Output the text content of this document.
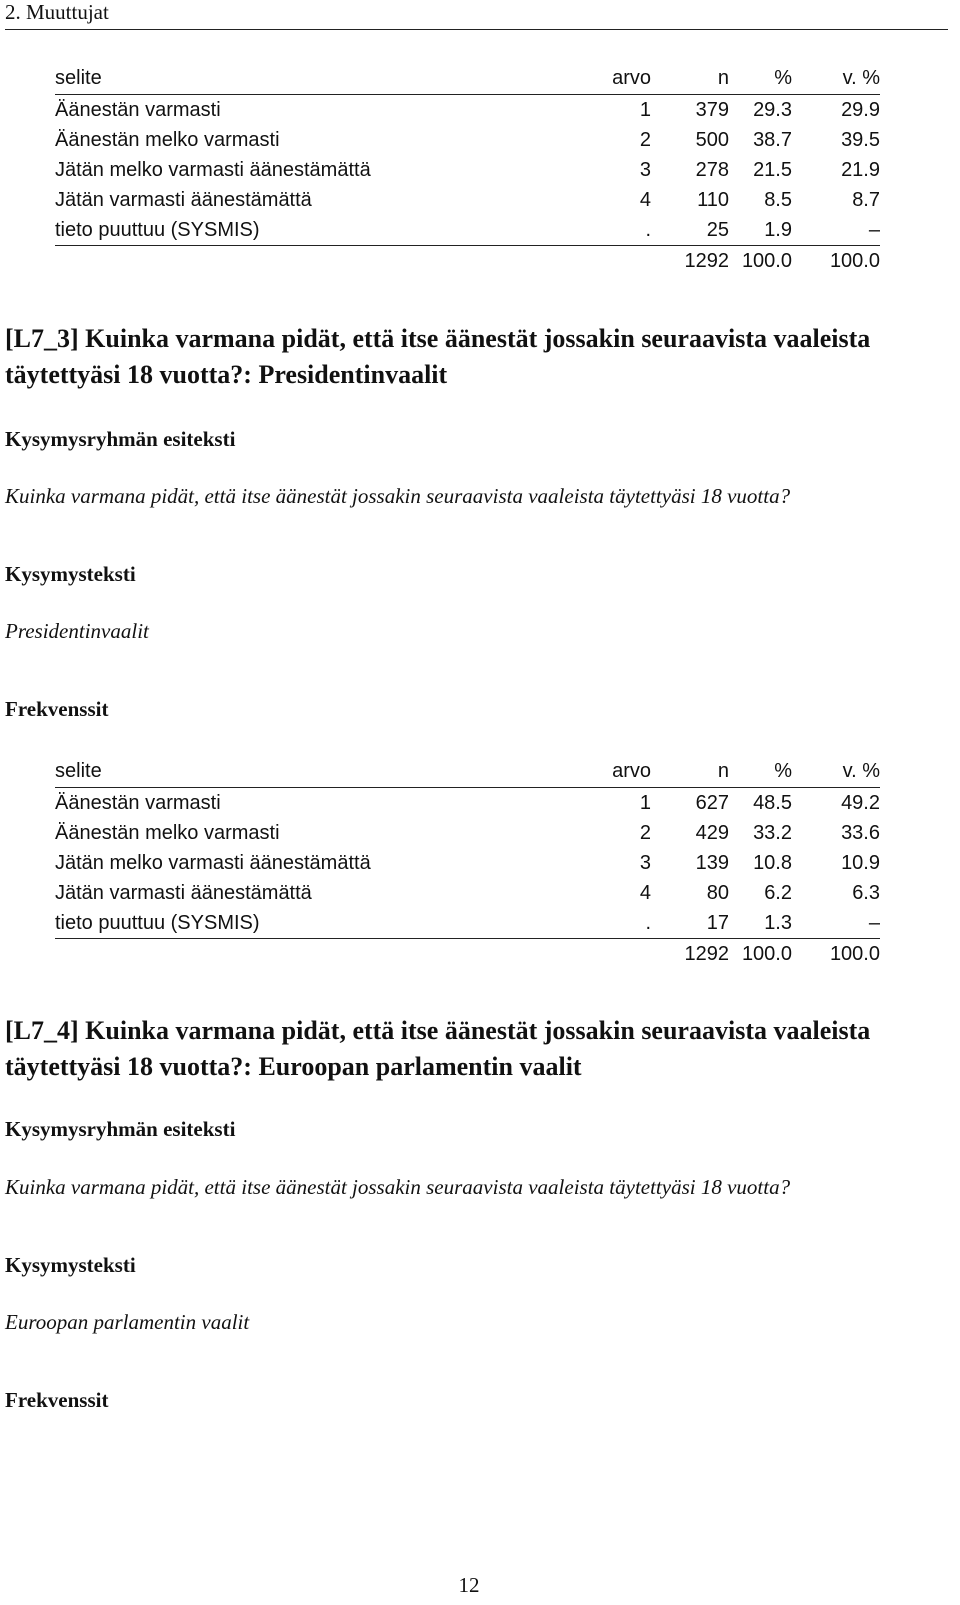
2. Muuttujat
selite	arvo	n	%	v. %
Äänestän varmasti	1	379	29.3	29.9
Äänestän melko varmasti	2	500	38.7	39.5
Jätän melko varmasti äänestämättä	3	278	21.5	21.9
Jätän varmasti äänestämättä	4	110	8.5	8.7
tieto puuttuu (SYSMIS)	.	25	1.9	–
		1292	100.0	100.0
[L7_3] Kuinka varmana pidät, että itse äänestät jossakin seuraavista vaaleista täytettyäsi 18 vuotta?: Presidentinvaalit
Kysymysryhmän esiteksti
Kuinka varmana pidät, että itse äänestät jossakin seuraavista vaaleista täytettyäsi 18 vuotta?
Kysymysteksti
Presidentinvaalit
Frekvenssit
selite	arvo	n	%	v. %
Äänestän varmasti	1	627	48.5	49.2
Äänestän melko varmasti	2	429	33.2	33.6
Jätän melko varmasti äänestämättä	3	139	10.8	10.9
Jätän varmasti äänestämättä	4	80	6.2	6.3
tieto puuttuu (SYSMIS)	.	17	1.3	–
		1292	100.0	100.0
[L7_4] Kuinka varmana pidät, että itse äänestät jossakin seuraavista vaaleista täytettyäsi 18 vuotta?: Euroopan parlamentin vaalit
Kysymysryhmän esiteksti
Kuinka varmana pidät, että itse äänestät jossakin seuraavista vaaleista täytettyäsi 18 vuotta?
Kysymysteksti
Euroopan parlamentin vaalit
Frekvenssit
12
